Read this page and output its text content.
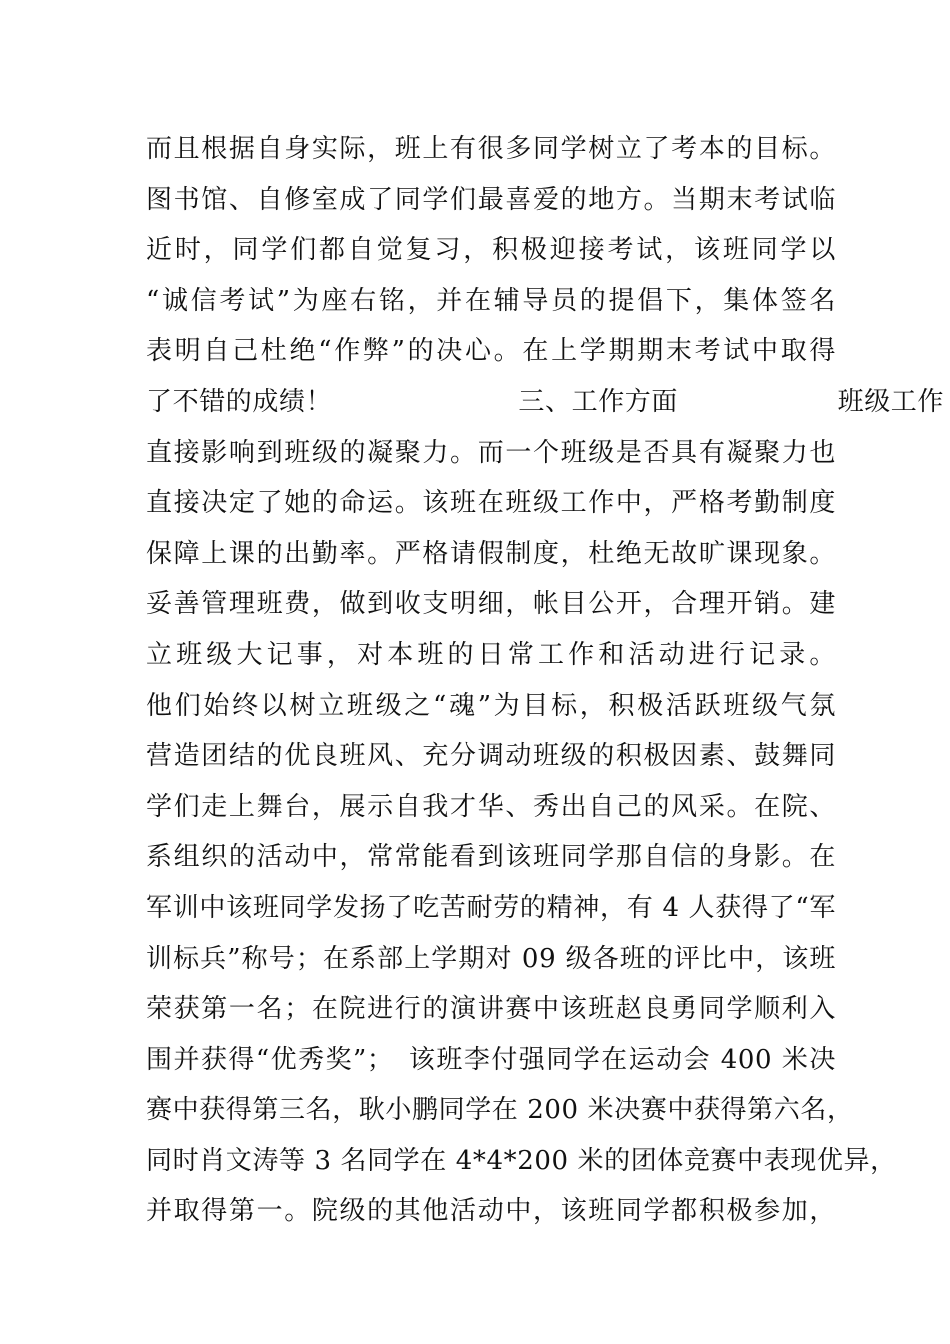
而且根据自身实际，班上有很多同学树立了考本的目标。
图书馆、自修室成了同学们最喜爱的地方。当期末考试临
近时，同学们都自觉复习，积极迎接考试，该班同学以
“诚信考试”为座右铭，并在辅导员的提倡下，集体签名
表明自己杜绝“作弊”的决心。在上学期期末考试中取得
了不错的成绩！　　　　　　　三、工作方面　　　　　　班级工作
直接影响到班级的凝聚力。而一个班级是否具有凝聚力也
直接决定了她的命运。该班在班级工作中，严格考勤制度
保障上课的出勤率。严格请假制度，杜绝无故旷课现象。
妥善管理班费，做到收支明细，帐目公开，合理开销。建
立班级大记事，对本班的日常工作和活动进行记录。
他们始终以树立班级之“魂”为目标，积极活跃班级气氛
营造团结的优良班风、充分调动班级的积极因素、鼓舞同
学们走上舞台，展示自我才华、秀出自己的风采。在院、
系组织的活动中，常常能看到该班同学那自信的身影。在
军训中该班同学发扬了吃苦耐劳的精神，有 4 人获得了“军
训标兵”称号；在系部上学期对 09 级各班的评比中，该班
荣获第一名；在院进行的演讲赛中该班赵良勇同学顺利入
围并获得“优秀奖”；　该班李付强同学在运动会 400 米决
赛中获得第三名，耿小鹏同学在 200 米决赛中获得第六名，
同时肖文涛等 3 名同学在 4*4*200 米的团体竞赛中表现优异，
并取得第一。院级的其他活动中，该班同学都积极参加，
